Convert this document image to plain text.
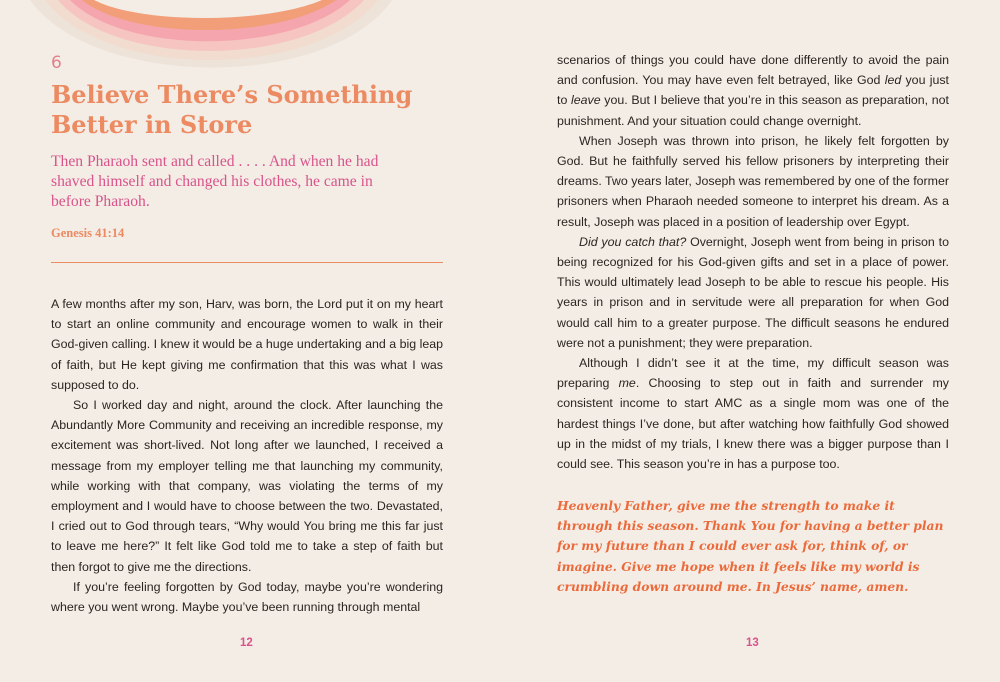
6
Believe There’s Something Better in Store

Then Pharaoh sent and called . . . . And when he had shaved himself and changed his clothes, he came in before Pharaoh.

Genesis 41:14

A few months after my son, Harv, was born, the Lord put it on my heart to start an online community and encourage women to walk in their God-given calling. I knew it would be a huge undertaking and a big leap of faith, but He kept giving me confirmation that this was what I was supposed to do.

So I worked day and night, around the clock. After launching the Abundantly More Community and receiving an incredible response, my excitement was short-lived. Not long after we launched, I received a message from my employer telling me that launching my community, while working with that company, was violating the terms of my employment and I would have to choose between the two. Devastated, I cried out to God through tears, “Why would You bring me this far just to leave me here?” It felt like God told me to take a step of faith but then forgot to give me the directions.

If you’re feeling forgotten by God today, maybe you’re wondering where you went wrong. Maybe you’ve been running through mental

12

scenarios of things you could have done differently to avoid the pain and confusion. You may have even felt betrayed, like God led you just to leave you. But I believe that you’re in this season as preparation, not punishment. And your situation could change overnight.

When Joseph was thrown into prison, he likely felt forgotten by God. But he faithfully served his fellow prisoners by interpreting their dreams. Two years later, Joseph was remembered by one of the former prisoners when Pharaoh needed someone to interpret his dream. As a result, Joseph was placed in a position of leadership over Egypt.

Did you catch that? Overnight, Joseph went from being in prison to being recognized for his God-given gifts and set in a place of power. This would ultimately lead Joseph to be able to rescue his people. His years in prison and in servitude were all preparation for when God would call him to a greater purpose. The difficult seasons he endured were not a punishment; they were preparation.

Although I didn’t see it at the time, my difficult season was preparing me. Choosing to step out in faith and surrender my consistent income to start AMC as a single mom was one of the hardest things I’ve done, but after watching how faithfully God showed up in the midst of my trials, I knew there was a bigger purpose than I could see. This season you’re in has a purpose too.

Heavenly Father, give me the strength to make it through this season. Thank You for having a better plan for my future than I could ever ask for, think of, or imagine. Give me hope when it feels like my world is crumbling down around me. In Jesus’ name, amen.

13
